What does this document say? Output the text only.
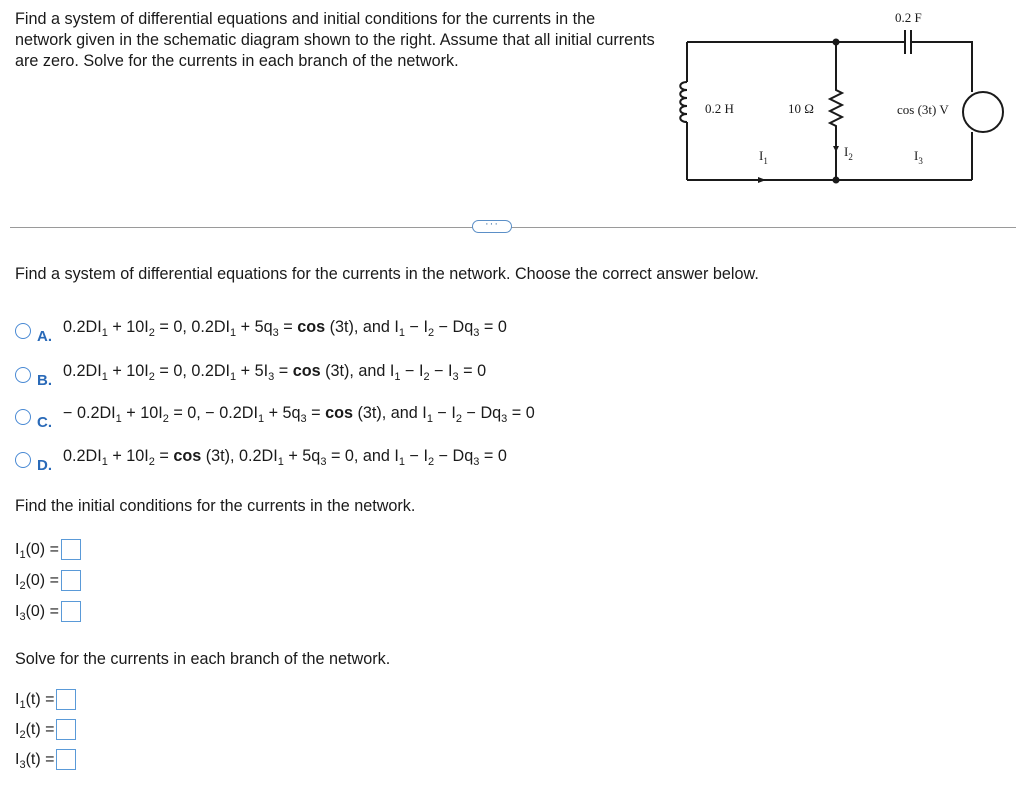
Find a system of differential equations and initial conditions for the currents in the network given in the schematic diagram shown to the right. Assume that all initial currents are zero. Solve for the currents in each branch of the network.
0.2 F
0.2 H	10 Ω	cos (3t) V
$I_1$
$I_2$	$I_3$
···
Find a system of differential equations for the currents in the network. Choose the correct answer below.
A.
$0.2DI_1 + 10I_2 = 0$, $0.2DI_1 + 5q_3 = \cos (3t)$, and $I_1 - I_2 - Dq_3 = 0$
B.
$0.2DI_1 + 10I_2 = 0$, $0.2DI_1 + 5I_3 = \cos (3t)$, and $I_1 - I_2 - I_3 = 0$
C.
− $0.2DI_1 + 10I_2 = 0$, − $0.2DI_1 + 5q_3 = \cos (3t)$, and $I_1 - I_2 - Dq_3 = 0$
D.
$0.2DI_1 + 10I_2 = \cos (3t)$, $0.2DI_1 + 5q_3 = 0$, and $I_1 - I_2 - Dq_3 = 0$
Find the initial conditions for the currents in the network.
$I_1(0)$ =
$I_2(0)$ =
$I_3(0)$ =
Solve for the currents in each branch of the network.
$I_1(t)$ =
$I_2(t)$ =
$I_3(t)$ =
